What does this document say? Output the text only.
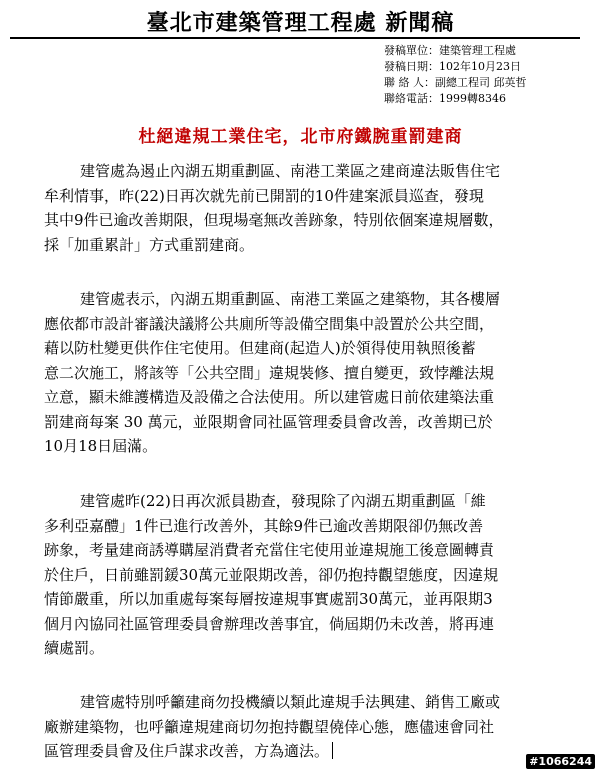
臺北市建築管理工程處 新聞稿
發稿單位：建築管理工程處
發稿日期：102年10月23日
聯 絡 人：副總工程司 邱英哲
聯絡電話：1999轉8346
杜絕違規工業住宅，北市府鐵腕重罰建商
建管處為遏止內湖五期重劃區、南港工業區之建商違法販售住宅
牟利情事，昨(22)日再次就先前已開罰的10件建案派員巡查，發現
其中9件已逾改善期限，但現場毫無改善跡象，特別依個案違規層數，
採「加重累計」方式重罰建商。
建管處表示，內湖五期重劃區、南港工業區之建築物，其各樓層
應依都市設計審議決議將公共廁所等設備空間集中設置於公共空間，
藉以防杜變更供作住宅使用。但建商(起造人)於領得使用執照後蓄
意二次施工，將該等「公共空間」違規裝修、擅自變更，致悖離法規
立意，顯未維護構造及設備之合法使用。所以建管處日前依建築法重
罰建商每案 30 萬元，並限期會同社區管理委員會改善，改善期已於
10月18日屆滿。
建管處昨(22)日再次派員勘查，發現除了內湖五期重劃區「維
多利亞嘉醴」1件已進行改善外，其餘9件已逾改善期限卻仍無改善
跡象，考量建商誘導購屋消費者充當住宅使用並違規施工後意圖轉責
於住戶，日前雖罰鍰30萬元並限期改善，卻仍抱持觀望態度，因違規
情節嚴重，所以加重處每案每層按違規事實處罰30萬元，並再限期3
個月內協同社區管理委員會辦理改善事宜，倘屆期仍未改善，將再連
續處罰。
建管處特別呼籲建商勿投機續以類此違規手法興建、銷售工廠或
廠辦建築物，也呼籲違規建商切勿抱持觀望僥倖心態，應儘速會同社
區管理委員會及住戶謀求改善，方為適法。
#1066244
